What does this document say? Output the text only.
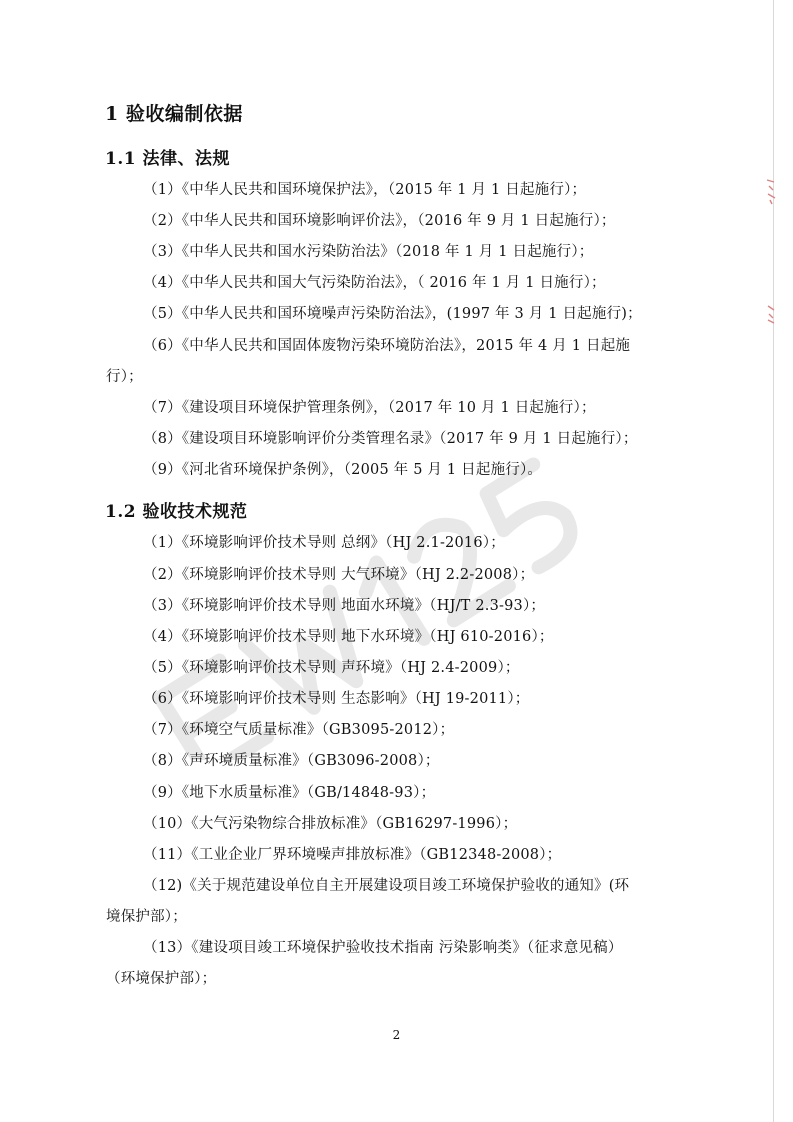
1 验收编制依据
1.1 法律、法规
（1）《中华人民共和国环境保护法》，（2015 年 1 月 1 日起施行）；
（2）《中华人民共和国环境影响评价法》，（2016 年 9 月 1 日起施行）；
（3）《中华人民共和国水污染防治法》（2018 年 1 月 1 日起施行）；
（4）《中华人民共和国大气污染防治法》，（ 2016 年 1 月 1 日施行）；
（5）《中华人民共和国环境噪声污染防治法》，(1997 年 3 月 1 日起施行)；
（6）《中华人民共和国固体废物污染环境防治法》，2015 年 4 月 1 日起施
行）；
（7）《建设项目环境保护管理条例》，（2017 年 10 月 1 日起施行）；
（8）《建设项目环境影响评价分类管理名录》（2017 年 9 月 1 日起施行）；
（9）《河北省环境保护条例》，（2005 年 5 月 1 日起施行）。
1.2 验收技术规范
（1）《环境影响评价技术导则 总纲》（HJ 2.1-2016）；
（2）《环境影响评价技术导则 大气环境》（HJ 2.2-2008）；
（3）《环境影响评价技术导则 地面水环境》（HJ/T 2.3-93）；
（4）《环境影响评价技术导则 地下水环境》（HJ 610-2016）；
（5）《环境影响评价技术导则 声环境》（HJ 2.4-2009）；
（6）《环境影响评价技术导则 生态影响》（HJ 19-2011）；
（7）《环境空气质量标准》（GB3095-2012）；
（8）《声环境质量标准》（GB3096-2008）；
（9）《地下水质量标准》（GB/14848-93）；
（10）《大气污染物综合排放标准》（GB16297-1996）；
（11）《工业企业厂界环境噪声排放标准》（GB12348-2008）；
（12)《关于规范建设单位自主开展建设项目竣工环境保护验收的通知》(环
境保护部）；
（13）《建设项目竣工环境保护验收技术指南 污染影响类》（征求意见稿）
（环境保护部）；
2
